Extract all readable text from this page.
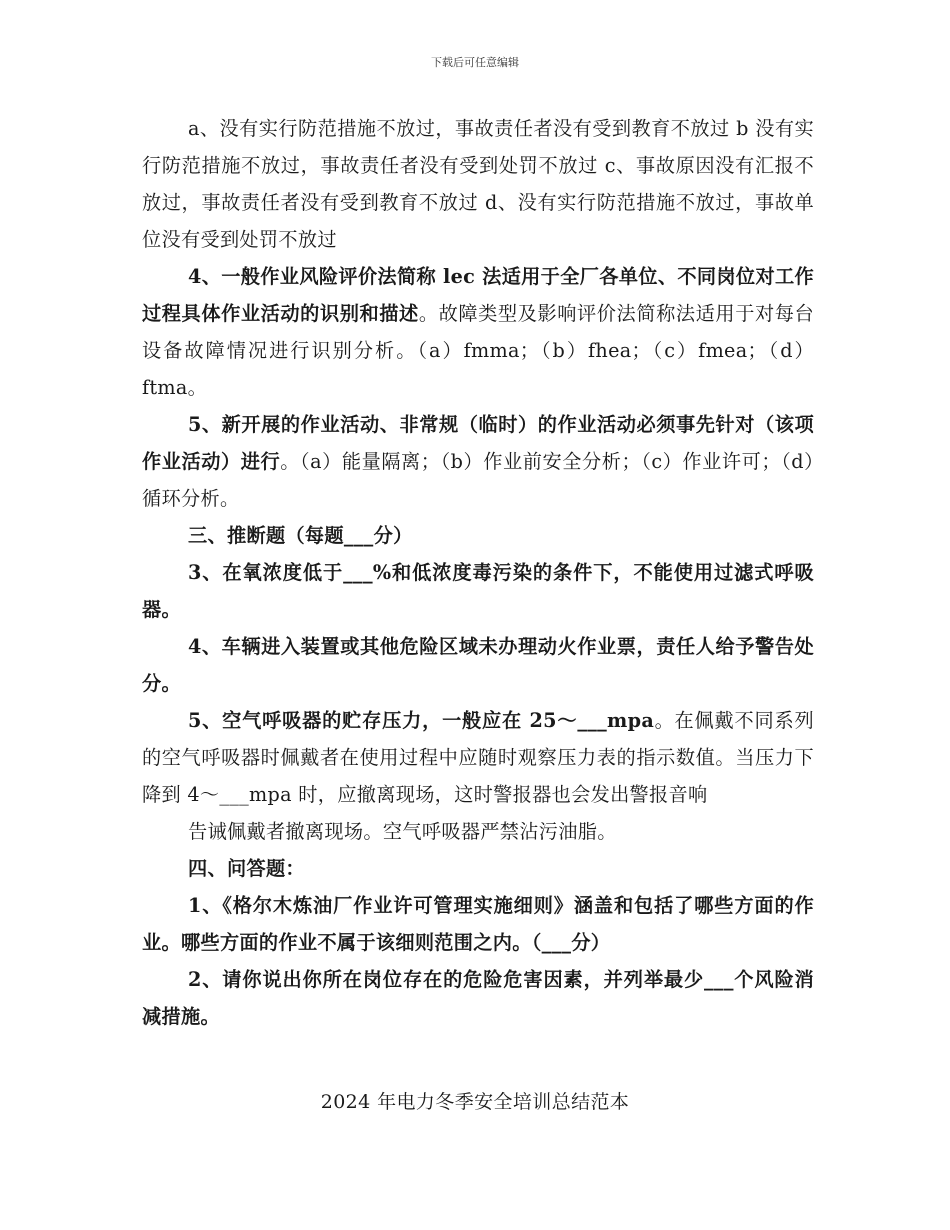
下载后可任意编辑

a、没有实行防范措施不放过，事故责任者没有受到教育不放过 b 没有实行防范措施不放过，事故责任者没有受到处罚不放过 c、事故原因没有汇报不放过，事故责任者没有受到教育不放过 d、没有实行防范措施不放过，事故单位没有受到处罚不放过

4、一般作业风险评价法简称 lec 法适用于全厂各单位、不同岗位对工作过程具体作业活动的识别和描述。故障类型及影响评价法简称法适用于对每台设备故障情况进行识别分析。（a）fmma；（b）fhea；（c）fmea；（d）ftma。

5、新开展的作业活动、非常规（临时）的作业活动必须事先针对（该项作业活动）进行。（a）能量隔离；（b）作业前安全分析；（c）作业许可；（d）循环分析。

三、推断题（每题___分）

3、在氧浓度低于___%和低浓度毒污染的条件下，不能使用过滤式呼吸器。

4、车辆进入装置或其他危险区域未办理动火作业票，责任人给予警告处分。

5、空气呼吸器的贮存压力，一般应在 25～___mpa。在佩戴不同系列的空气呼吸器时佩戴者在使用过程中应随时观察压力表的指示数值。当压力下降到 4～___mpa 时，应撤离现场，这时警报器也会发出警报音响

告诫佩戴者撤离现场。空气呼吸器严禁沾污油脂。

四、问答题：

1、《格尔木炼油厂作业许可管理实施细则》涵盖和包括了哪些方面的作业。哪些方面的作业不属于该细则范围之内。（___分）

2、请你说出你所在岗位存在的危险危害因素，并列举最少___个风险消减措施。

2024 年电力冬季安全培训总结范本
